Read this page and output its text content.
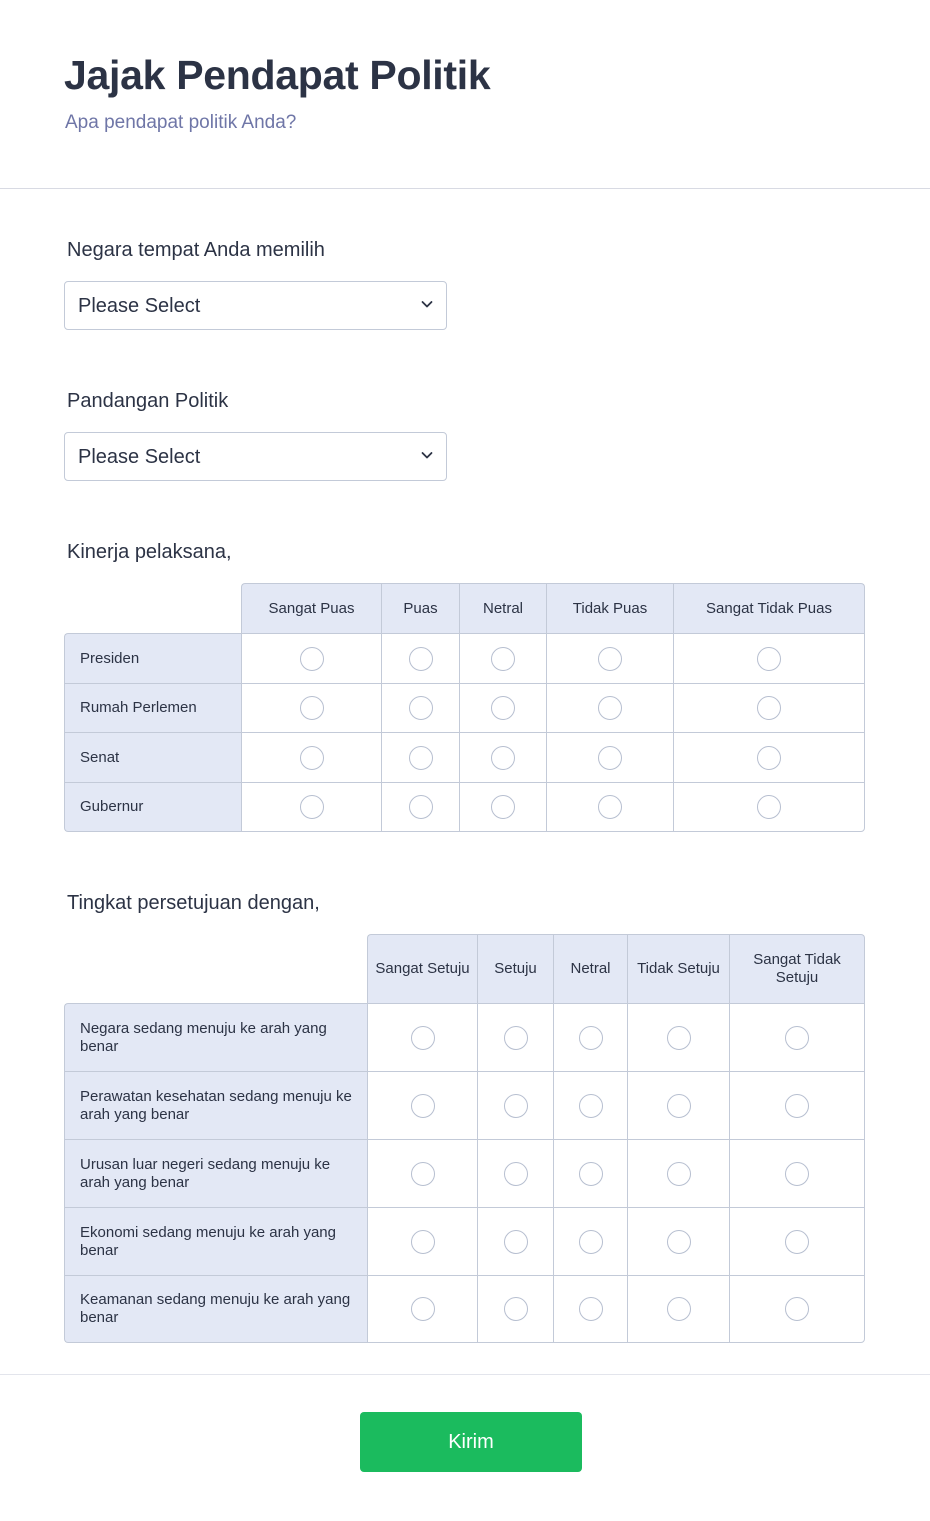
Jajak Pendapat Politik
Apa pendapat politik Anda?
Negara tempat Anda memilih
Please Select
Pandangan Politik
Please Select
Kinerja pelaksana,
	Sangat Puas	Puas	Netral	Tidak Puas	Sangat Tidak Puas
Presiden					
Rumah Perlemen					
Senat					
Gubernur					
Tingkat persetujuan dengan,
	Sangat Setuju	Setuju	Netral	Tidak Setuju	Sangat Tidak Setuju
Negara sedang menuju ke arah yang benar					
Perawatan kesehatan sedang menuju ke arah yang benar					
Urusan luar negeri sedang menuju ke arah yang benar					
Ekonomi sedang menuju ke arah yang benar					
Keamanan sedang menuju ke arah yang benar					
Kirim
